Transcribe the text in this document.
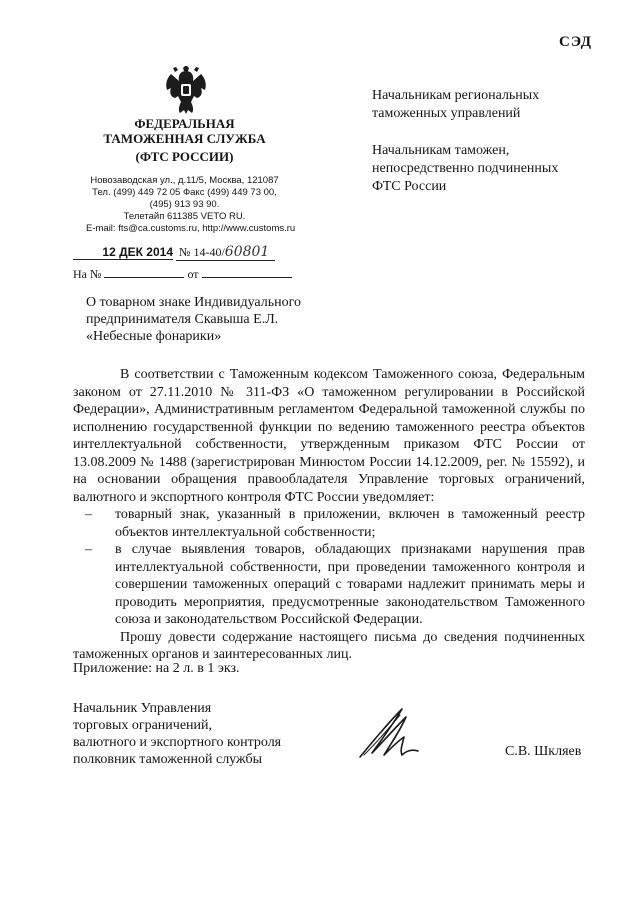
СЭД
ФЕДЕРАЛЬНАЯ
ТАМОЖЕННАЯ СЛУЖБА
(ФТС РОССИИ)
Новозаводская ул., д.11/5, Москва, 121087
Тел. (499) 449 72 05 Факс (499) 449 73 00,
(495) 913 93 90.
Телетайп 611385 VETO RU.
E-mail: fts@ca.customs.ru, http://www.customs.ru
12 ДЕК 2014 № 14-40/60801
На №	от
Начальникам региональных
таможенных управлений
Начальникам таможен,
непосредственно подчиненных
ФТС России
О товарном знаке Индивидуального
предпринимателя Скавыша Е.Л.
«Небесные фонарики»

В соответствии с Таможенным кодексом Таможенного союза, Федеральным законом от 27.11.2010 № 311-ФЗ «О таможенном регулировании в Российской Федерации», Административным регламентом Федеральной таможенной службы по исполнению государственной функции по ведению таможенного реестра объектов интеллектуальной собственности, утвержденным приказом ФТС России от 13.08.2009 № 1488 (зарегистрирован Минюстом России 14.12.2009, рег. № 15592), и на основании обращения правообладателя Управление торговых ограничений, валютного и экспортного контроля ФТС России уведомляет:

– товарный знак, указанный в приложении, включен в таможенный реестр объектов интеллектуальной собственности;
– в случае выявления товаров, обладающих признаками нарушения прав интеллектуальной собственности, при проведении таможенного контроля и совершении таможенных операций с товарами надлежит принимать меры и проводить мероприятия, предусмотренные законодательством Таможенного союза и законодательством Российской Федерации.

Прошу довести содержание настоящего письма до сведения подчиненных таможенных органов и заинтересованных лиц.

Приложение: на 2 л. в 1 экз.
Начальник Управления
торговых ограничений,
валютного и экспортного контроля
полковник таможенной службы
С.В. Шкляев
